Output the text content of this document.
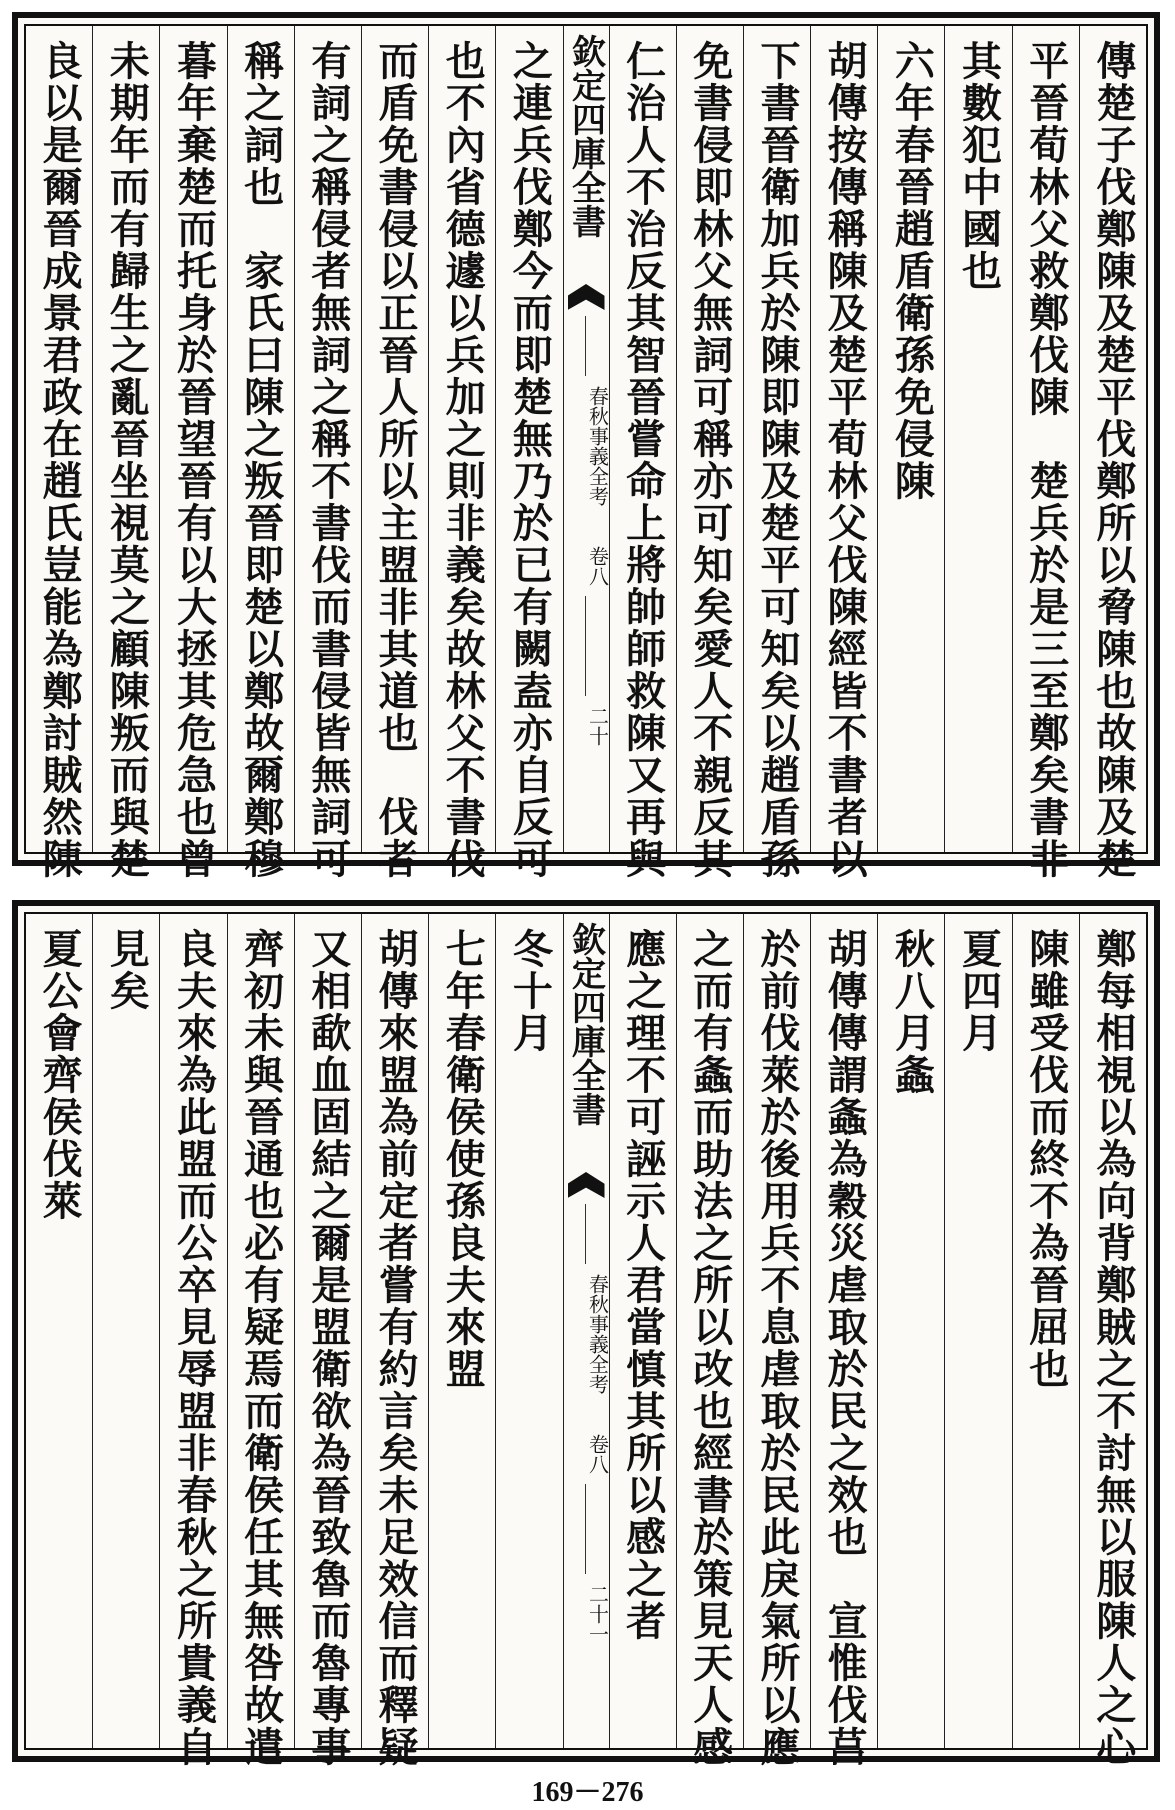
傳楚子伐鄭陳及楚平伐鄭所以脅陳也故陳及楚
平晉荀林父救鄭伐陳　楚兵於是三至鄭矣書非
其數犯中國也
六年春晉趙盾衛孫免侵陳
胡傳按傳稱陳及楚平荀林父伐陳經皆不書者以
下書晉衛加兵於陳即陳及楚平可知矣以趙盾孫
免書侵即林父無詞可稱亦可知矣愛人不親反其
仁治人不治反其智晉嘗命上將帥師救陳又再與
欽定四庫全書
春秋事義全考
卷八
二十
之連兵伐鄭今而即楚無乃於已有闕盍亦自反可
也不內省德遽以兵加之則非義矣故林父不書伐
而盾免書侵以正晉人所以主盟非其道也　伐者
有詞之稱侵者無詞之稱不書伐而書侵皆無詞可
稱之詞也　家氏曰陳之叛晉即楚以鄭故爾鄭穆
暮年棄楚而托身於晉望晉有以大拯其危急也曾
未期年而有歸生之亂晉坐視莫之顧陳叛而與楚
良以是爾晉成景君政在趙氏豈能為鄭討賊然陳
鄭每相視以為向背鄭賊之不討無以服陳人之心
陳雖受伐而終不為晉屈也
夏四月
秋八月螽
胡傳傳謂螽為穀災虐取於民之效也　宣惟伐莒
於前伐萊於後用兵不息虐取於民此戾氣所以應
之而有螽而助法之所以改也經書於策見天人感
應之理不可誣示人君當慎其所以感之者
欽定四庫全書
春秋事義全考
卷八
二十一
冬十月
七年春衛侯使孫良夫來盟
胡傳來盟為前定者嘗有約言矣未足效信而釋疑
又相歃血固結之爾是盟衛欲為晉致魯而魯專事
齊初未與晉通也必有疑焉而衛侯任其無咎故遣
良夫來為此盟而公卒見辱盟非春秋之所貴義自
見矣
夏公會齊侯伐萊
169－276
